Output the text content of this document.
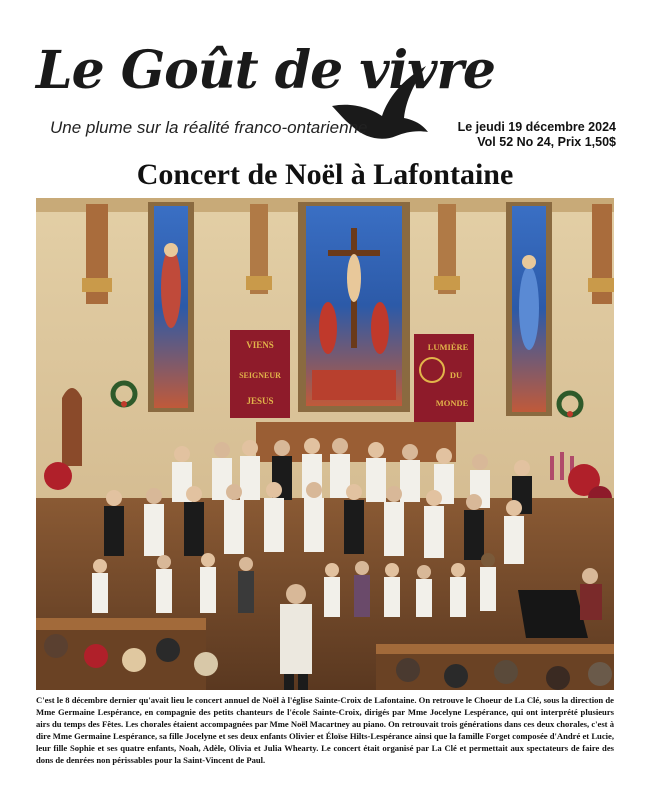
Le Goût de vivre
Une plume sur la réalité franco-ontarienne	Le jeudi 19 décembre 2024
Vol 52 No 24, Prix 1,50$
Concert de Noël à Lafontaine
VIENS
SEIGNEUR
JESUS
LUMIÈRE
DU
MONDE
C'est le 8 décembre dernier qu'avait lieu le concert annuel de Noël à l'église Sainte-Croix de Lafontaine. On retrouve le Choeur de La Clé, sous la direction de Mme Germaine Lespérance, en compagnie des petits chanteurs de l'école Sainte-Croix, dirigés par Mme Jocelyne Lespérance, qui ont interprété plusieurs airs du temps des Fêtes. Les chorales étaient accompagnées par Mme Noël Macartney au piano. On retrouvait trois générations dans ces deux chorales, c'est à dire Mme Germaine Lespérance, sa fille Jocelyne et ses deux enfants Olivier et Éloïse Hilts-Lespérance ainsi que la famille Forget composée d'André et Lucie, leur fille Sophie et ses quatre enfants, Noah, Adèle, Olivia et Julia Whearty. Le concert était organisé par La Clé et permettait aux spectateurs de faire des dons de denrées non périssables pour la Saint-Vincent de Paul.
